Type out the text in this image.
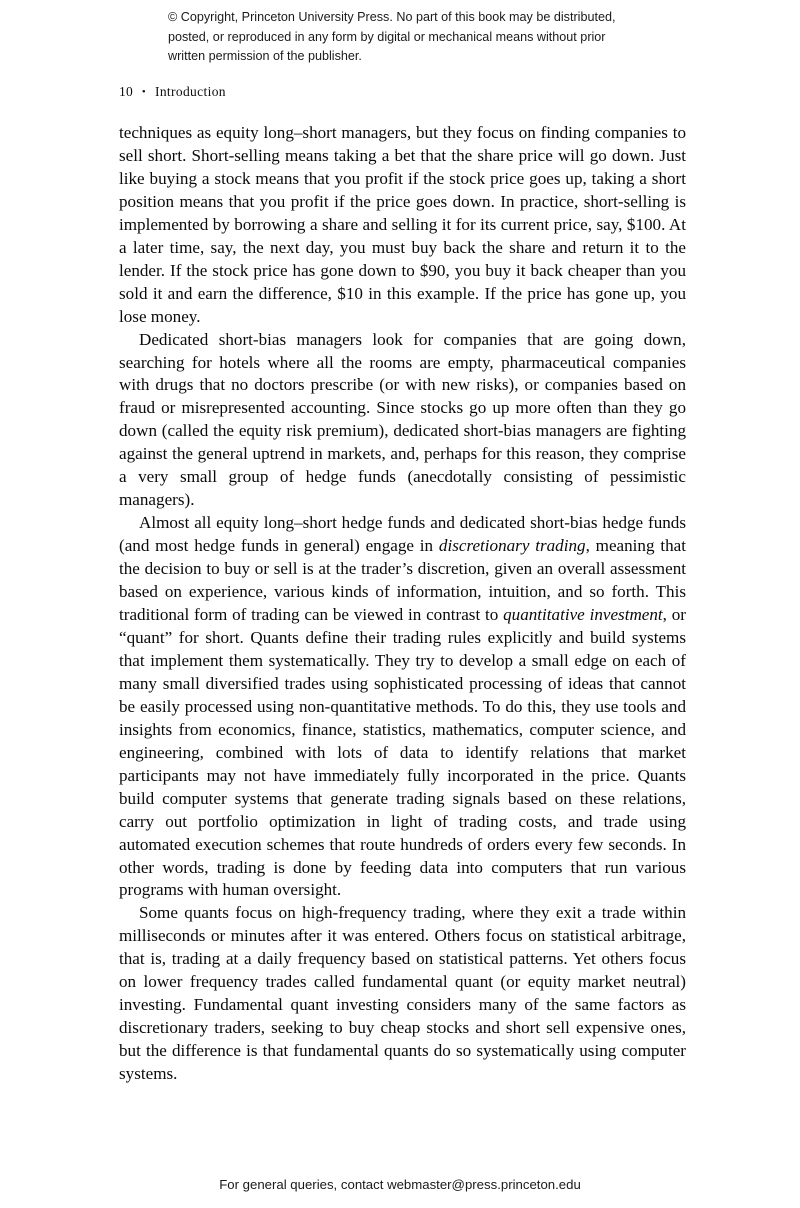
© Copyright, Princeton University Press. No part of this book may be distributed, posted, or reproduced in any form by digital or mechanical means without prior written permission of the publisher.
10 • Introduction

techniques as equity long–short managers, but they focus on finding companies to sell short. Short-selling means taking a bet that the share price will go down. Just like buying a stock means that you profit if the stock price goes up, taking a short position means that you profit if the price goes down. In practice, short-selling is implemented by borrowing a share and selling it for its current price, say, $100. At a later time, say, the next day, you must buy back the share and return it to the lender. If the stock price has gone down to $90, you buy it back cheaper than you sold it and earn the difference, $10 in this example. If the price has gone up, you lose money.

Dedicated short-bias managers look for companies that are going down, searching for hotels where all the rooms are empty, pharmaceutical companies with drugs that no doctors prescribe (or with new risks), or companies based on fraud or misrepresented accounting. Since stocks go up more often than they go down (called the equity risk premium), dedicated short-bias managers are fighting against the general uptrend in markets, and, perhaps for this reason, they comprise a very small group of hedge funds (anecdotally consisting of pessimistic managers).

Almost all equity long–short hedge funds and dedicated short-bias hedge funds (and most hedge funds in general) engage in discretionary trading, meaning that the decision to buy or sell is at the trader’s discretion, given an overall assessment based on experience, various kinds of information, intuition, and so forth. This traditional form of trading can be viewed in contrast to quantitative investment, or “quant” for short. Quants define their trading rules explicitly and build systems that implement them systematically. They try to develop a small edge on each of many small diversified trades using sophisticated processing of ideas that cannot be easily processed using non-quantitative methods. To do this, they use tools and insights from economics, finance, statistics, mathematics, computer science, and engineering, combined with lots of data to identify relations that market participants may not have immediately fully incorporated in the price. Quants build computer systems that generate trading signals based on these relations, carry out portfolio optimization in light of trading costs, and trade using automated execution schemes that route hundreds of orders every few seconds. In other words, trading is done by feeding data into computers that run various programs with human oversight.

Some quants focus on high-frequency trading, where they exit a trade within milliseconds or minutes after it was entered. Others focus on statistical arbitrage, that is, trading at a daily frequency based on statistical patterns. Yet others focus on lower frequency trades called fundamental quant (or equity market neutral) investing. Fundamental quant investing considers many of the same factors as discretionary traders, seeking to buy cheap stocks and short sell expensive ones, but the difference is that fundamental quants do so systematically using computer systems.

For general queries, contact webmaster@press.princeton.edu
